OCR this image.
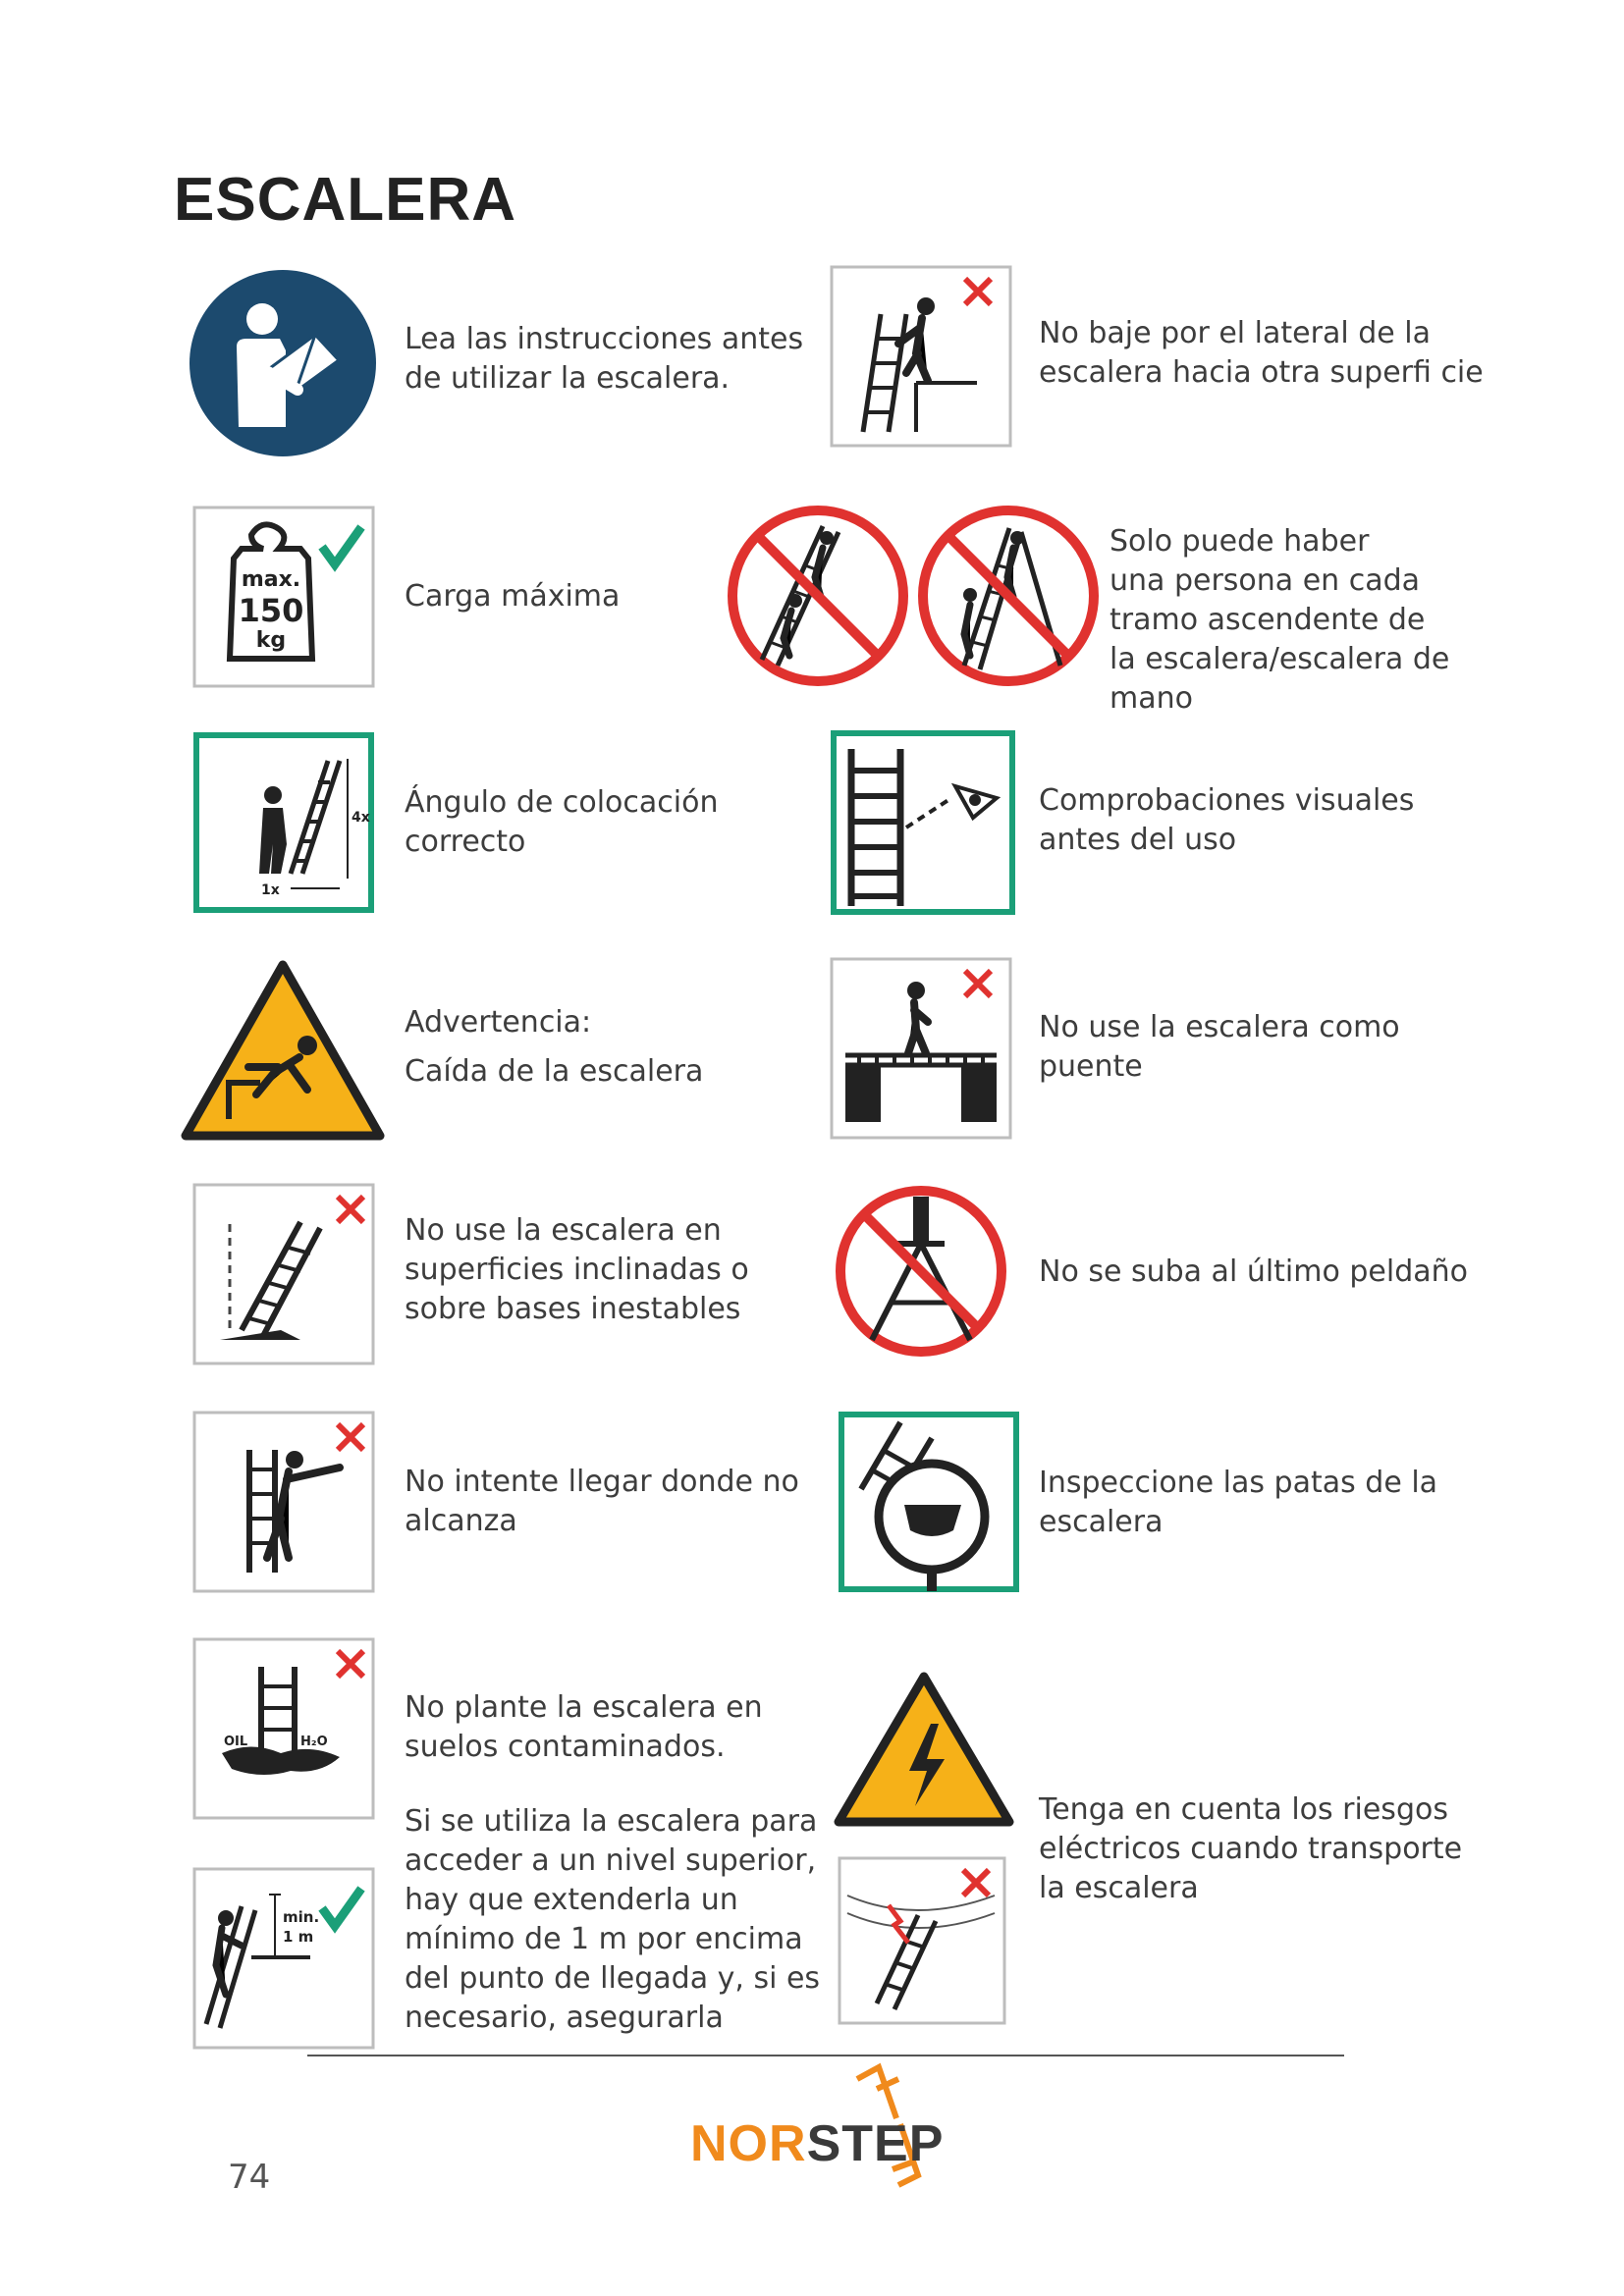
ESCALERA
Lea las instrucciones antes
de utilizar la escalera.
max.
150
kg
Carga máxima
4x
1x
Ángulo de colocación
correcto
Advertencia:
Caída de la escalera
No use la escalera en
superficies inclinadas o
sobre bases inestables
No intente llegar donde no
alcanza
OIL	H₂O
No plante la escalera en
suelos contaminados.
min.
1 m
Si se utiliza la escalera para
acceder a un nivel superior,
hay que extenderla un
mínimo de 1 m por encima
del punto de llegada y, si es
necesario, asegurarla
No baje por el lateral de la
escalera hacia otra superfi cie
Solo puede haber
una persona en cada
tramo ascendente de
la escalera/escalera de
mano
Comprobaciones visuales
antes del uso
No use la escalera como
puente
No se suba al último peldaño
Inspeccione las patas de la
escalera
Tenga en cuenta los riesgos
eléctricos cuando transporte
la escalera
74
NORSTEP
